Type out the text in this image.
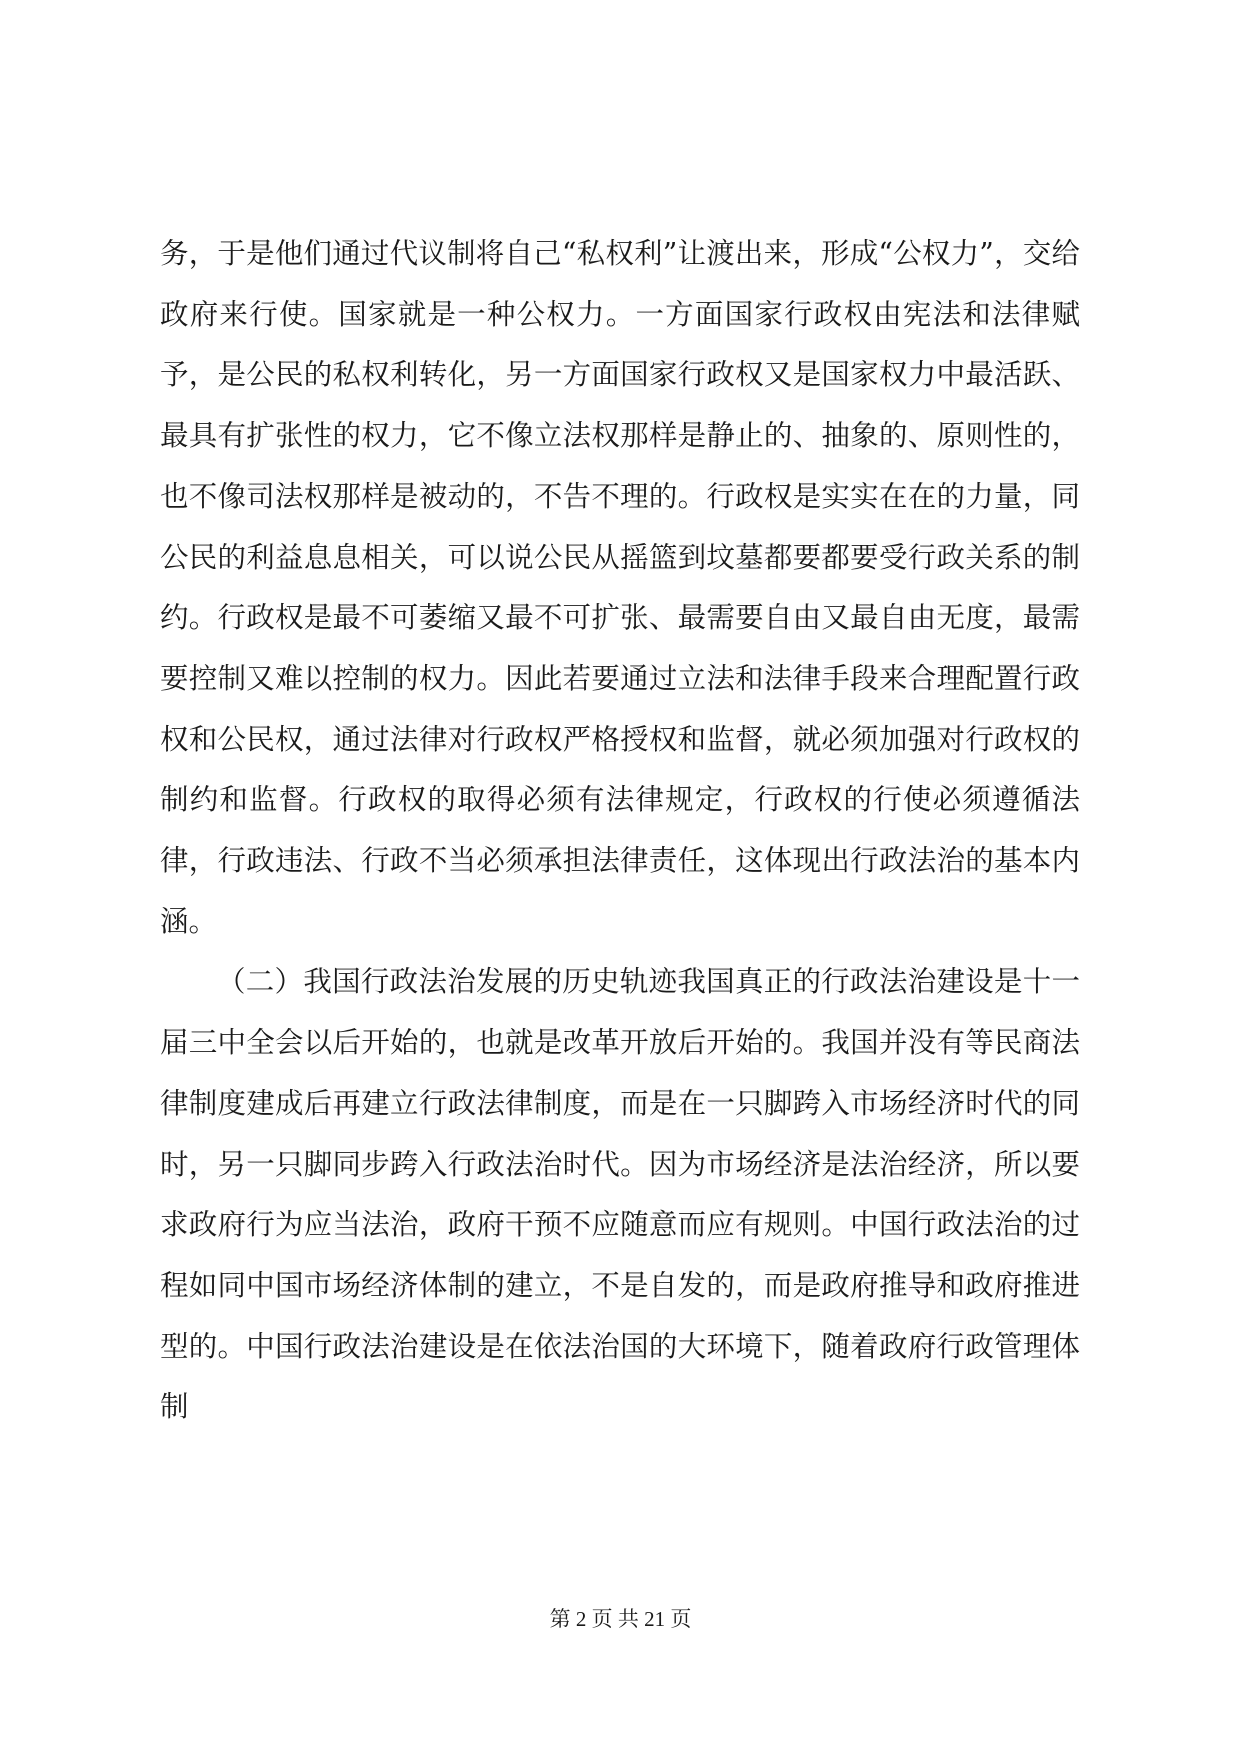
务，于是他们通过代议制将自己“私权利”让渡出来，形成“公权力”，交给政府来行使。国家就是一种公权力。一方面国家行政权由宪法和法律赋予，是公民的私权利转化，另一方面国家行政权又是国家权力中最活跃、最具有扩张性的权力，它不像立法权那样是静止的、抽象的、原则性的，也不像司法权那样是被动的，不告不理的。行政权是实实在在的力量，同公民的利益息息相关，可以说公民从摇篮到坟墓都要都要受行政关系的制约。行政权是最不可萎缩又最不可扩张、最需要自由又最自由无度，最需要控制又难以控制的权力。因此若要通过立法和法律手段来合理配置行政权和公民权，通过法律对行政权严格授权和监督，就必须加强对行政权的制约和监督。行政权的取得必须有法律规定，行政权的行使必须遵循法律，行政违法、行政不当必须承担法律责任，这体现出行政法治的基本内涵。

（二）我国行政法治发展的历史轨迹我国真正的行政法治建设是十一届三中全会以后开始的，也就是改革开放后开始的。我国并没有等民商法律制度建成后再建立行政法律制度，而是在一只脚跨入市场经济时代的同时，另一只脚同步跨入行政法治时代。因为市场经济是法治经济，所以要求政府行为应当法治，政府干预不应随意而应有规则。中国行政法治的过程如同中国市场经济体制的建立，不是自发的，而是政府推导和政府推进型的。中国行政法治建设是在依法治国的大环境下，随着政府行政管理体制

第 2 页 共 21 页
